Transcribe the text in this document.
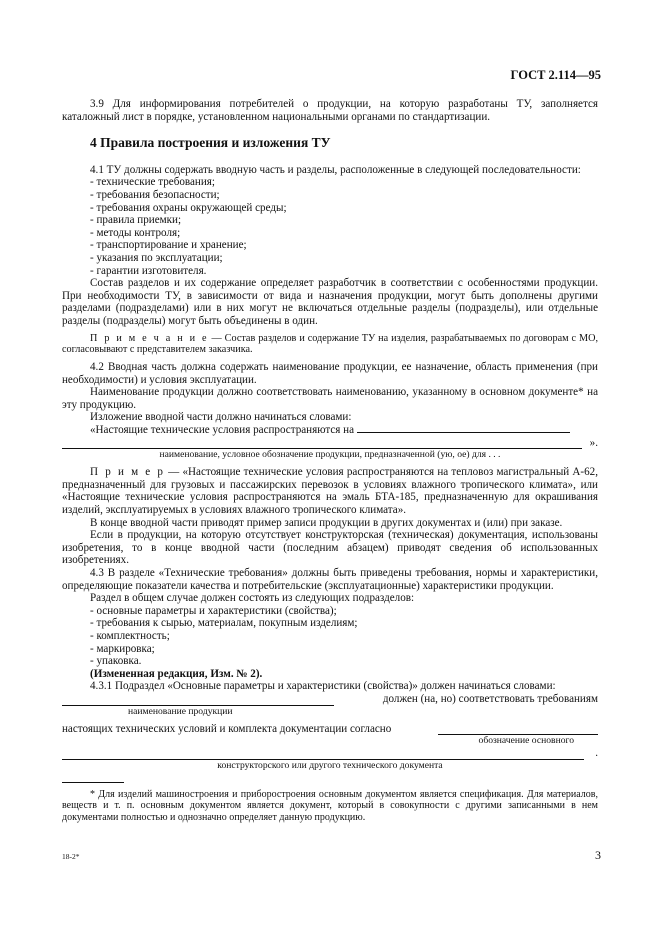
ГОСТ 2.114—95

3.9 Для информирования потребителей о продукции, на которую разработаны ТУ, заполняется каталожный лист в порядке, установленном национальными органами по стандартизации.

4 Правила построения и изложения ТУ

4.1 ТУ должны содержать вводную часть и разделы, расположенные в следующей последовательности:

- технические требования;

- требования безопасности;

- требования охраны окружающей среды;

- правила приемки;

- методы контроля;

- транспортирование и хранение;

- указания по эксплуатации;

- гарантии изготовителя.

Состав разделов и их содержание определяет разработчик в соответствии с особенностями продукции. При необходимости ТУ, в зависимости от вида и назначения продукции, могут быть дополнены другими разделами (подразделами) или в них могут не включаться отдельные разделы (подразделы), или отдельные разделы (подразделы) могут быть объединены в один.

П р и м е ч а н и е — Состав разделов и содержание ТУ на изделия, разрабатываемых по договорам с МО, согласовывают с представителем заказчика.

4.2 Вводная часть должна содержать наименование продукции, ее назначение, область применения (при необходимости) и условия эксплуатации.

Наименование продукции должно соответствовать наименованию, указанному в основном документе* на эту продукцию.

Изложение вводной части должно начинаться словами:

«Настоящие технические условия распространяются на

».

наименование, условное обозначение продукции, предназначенной (ую, ое) для . . .

П р и м е р — «Настоящие технические условия распространяются на тепловоз магистральный А-62, предназначенный для грузовых и пассажирских перевозок в условиях влажного тропического климата», или «Настоящие технические условия распространяются на эмаль БТА-185, предназначенную для окрашивания изделий, эксплуатируемых в условиях влажного тропического климата».

В конце вводной части приводят пример записи продукции в других документах и (или) при заказе.

Если в продукции, на которую отсутствует конструкторская (техническая) документация, использованы изобретения, то в конце вводной части (последним абзацем) приводят сведения об использованных изобретениях.

4.3 В разделе «Технические требования» должны быть приведены требования, нормы и характеристики, определяющие показатели качества и потребительские (эксплуатационные) характеристики продукции.

Раздел в общем случае должен состоять из следующих подразделов:

- основные параметры и характеристики (свойства);

- требования к сырью, материалам, покупным изделиям;

- комплектность;

- маркировка;

- упаковка.

(Измененная редакция, Изм. № 2).

4.3.1 Подраздел «Основные параметры и характеристики (свойства)» должен начинаться словами:

должен (на, но) соответствовать требованиям

наименование продукции

настоящих технических условий и комплекта документации согласно

обозначение основного

.

конструкторского или другого технического документа

* Для изделий машиностроения и приборостроения основным документом является спецификация. Для материалов, веществ и т. п. основным документом является документ, который в совокупности с другими записанными в нем документами полностью и однозначно определяет данную продукцию.

18-2*	3
